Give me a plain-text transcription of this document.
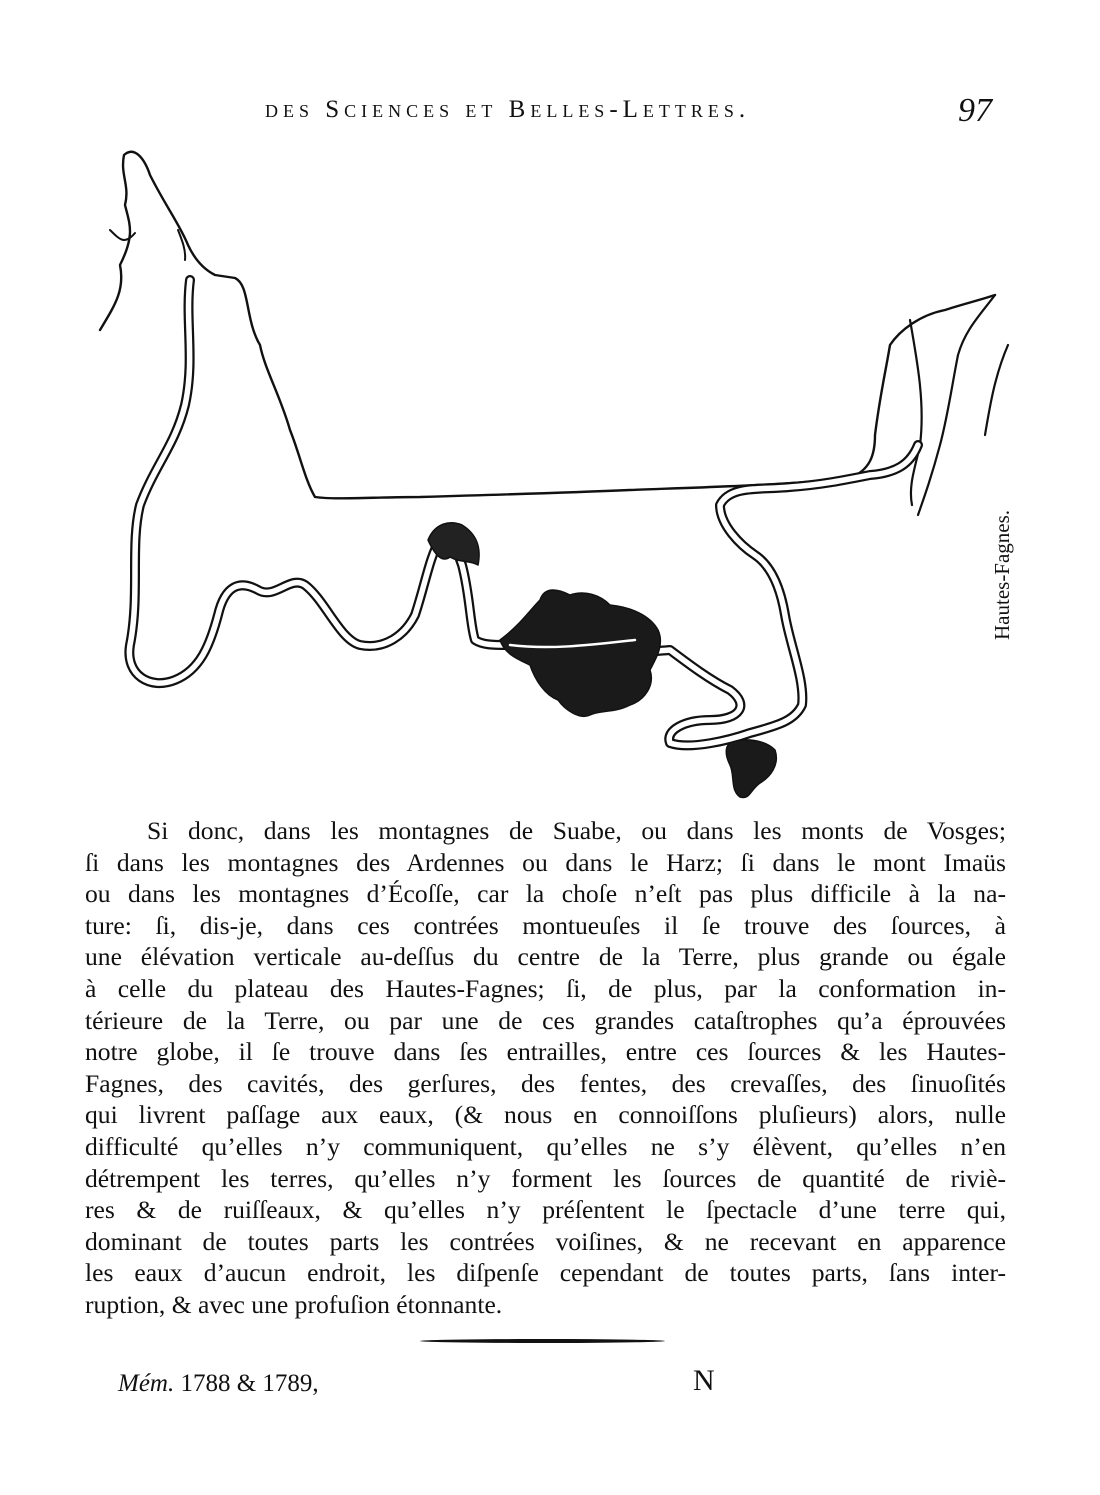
des Sciences et Belles-Lettres.	97
Hautes-Fagnes.
Si donc, dans les montagnes de Suabe, ou dans les monts de Vosges;
ſi dans les montagnes des Ardennes ou dans le Harz; ſi dans le mont Imaüs
ou dans les montagnes d’Écoſſe, car la choſe n’eſt pas plus difficile à la na-
ture: ſi, dis-je, dans ces contrées montueuſes il ſe trouve des ſources, à
une élévation verticale au-deſſus du centre de la Terre, plus grande ou égale
à celle du plateau des Hautes-Fagnes; ſi, de plus, par la conformation in-
térieure de la Terre, ou par une de ces grandes cataſtrophes qu’a éprouvées
notre globe, il ſe trouve dans ſes entrailles, entre ces ſources & les Hautes-
Fagnes, des cavités, des gerſures, des fentes, des crevaſſes, des ſinuoſités
qui livrent paſſage aux eaux, (& nous en connoiſſons pluſieurs) alors, nulle
difficulté qu’elles n’y communiquent, qu’elles ne s’y élèvent, qu’elles n’en
détrempent les terres, qu’elles n’y forment les ſources de quantité de riviè-
res & de ruiſſeaux, & qu’elles n’y préſentent le ſpectacle d’une terre qui,
dominant de toutes parts les contrées voiſines, & ne recevant en apparence
les eaux d’aucun endroit, les diſpenſe cependant de toutes parts, ſans inter-
ruption, & avec une profuſion étonnante.
Mém. 1788 & 1789,	N
